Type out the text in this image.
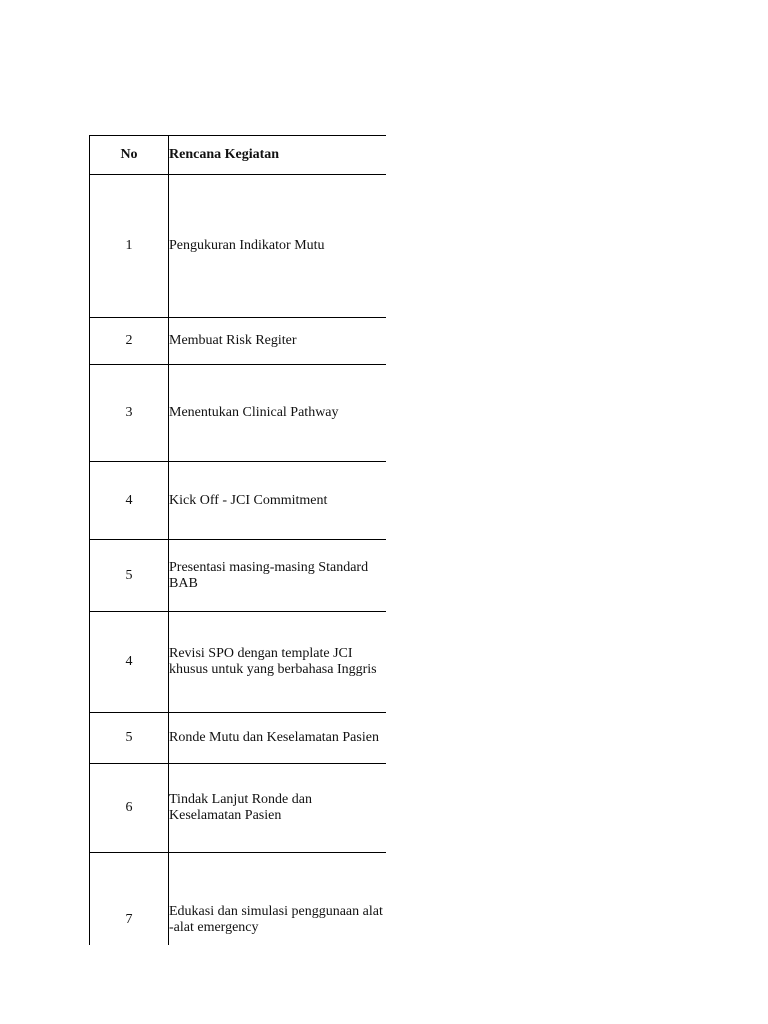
No	Rencana Kegiatan
1	Pengukuran Indikator Mutu
2	Membuat Risk Regiter
3	Menentukan Clinical Pathway
4	Kick Off - JCI Commitment
5	Presentasi masing-masing Standard BAB
4	Revisi SPO dengan template JCI khusus untuk yang berbahasa Inggris
5	Ronde Mutu dan Keselamatan Pasien
6	Tindak Lanjut Ronde dan Keselamatan Pasien
7	Edukasi dan simulasi penggunaan alat -alat emergency
